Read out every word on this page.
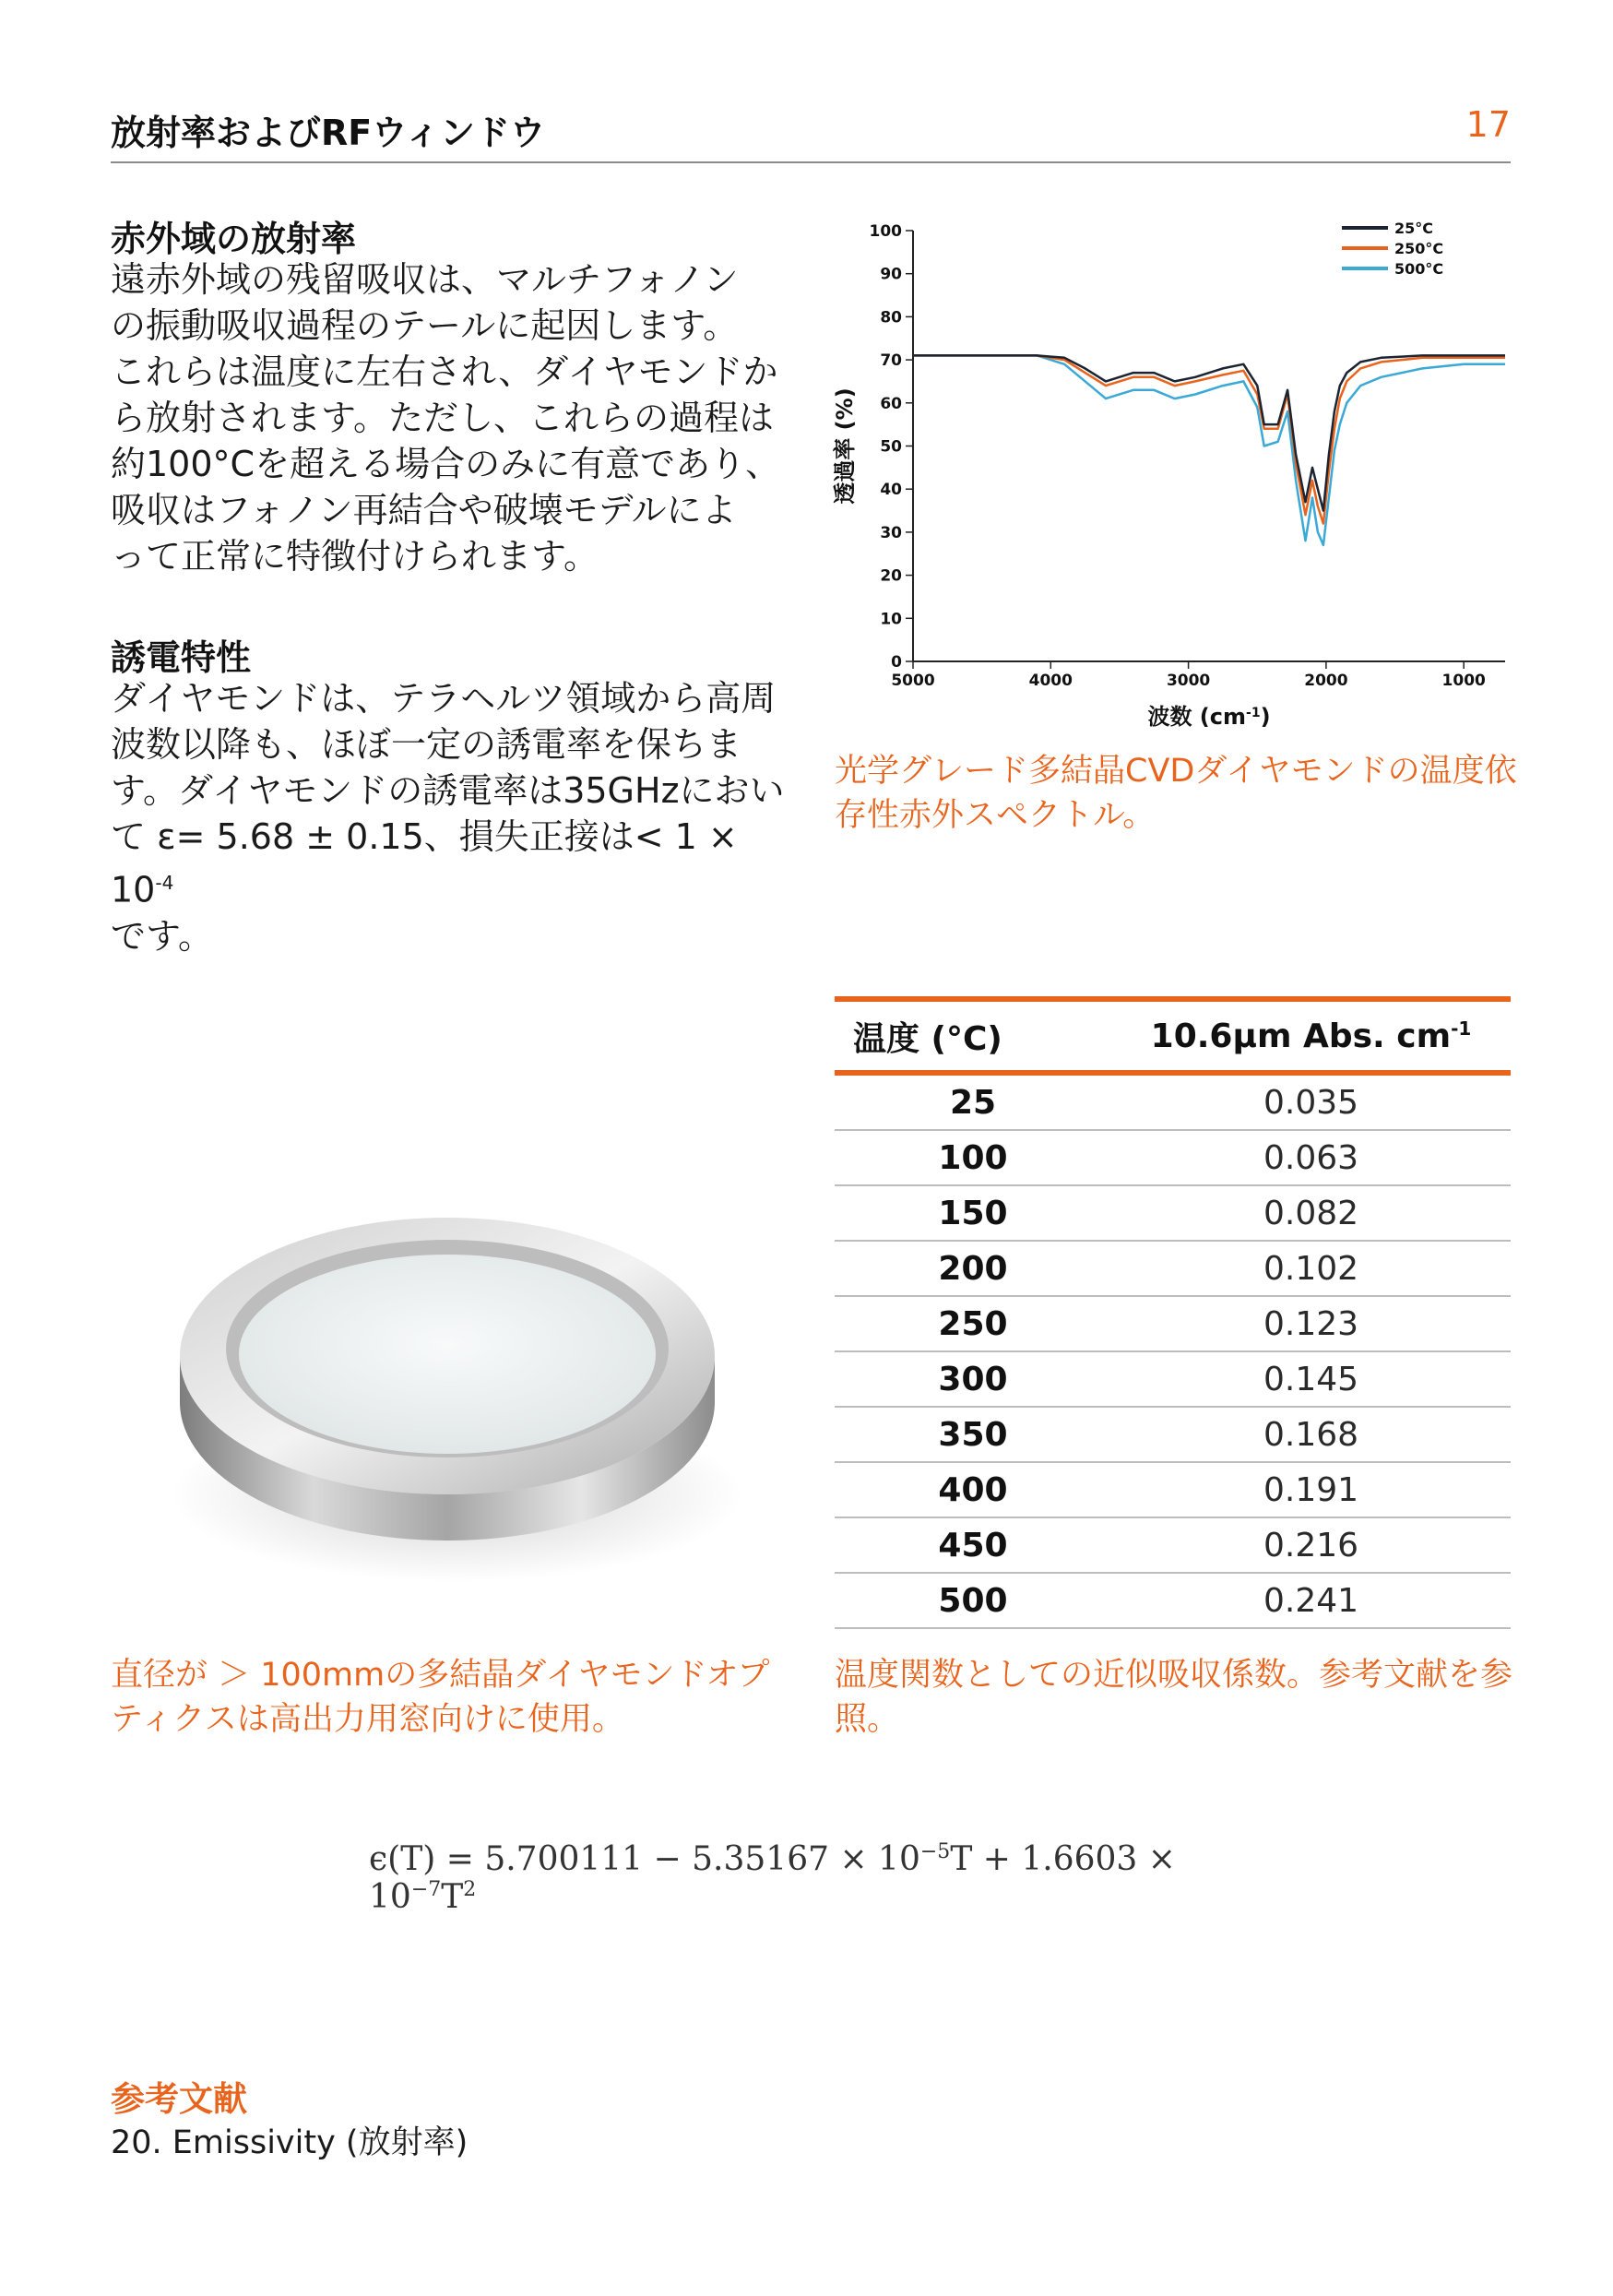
放射率およびRFウィンドウ	17
赤外域の放射率
遠赤外域の残留吸収は、マルチフォノン
の振動吸収過程のテールに起因します。
これらは温度に左右され、ダイヤモンドか
ら放射されます。ただし、これらの過程は
約100°Cを超える場合のみに有意であり、
吸収はフォノン再結合や破壊モデルによ
って正常に特徴付けられます。
誘電特性
ダイヤモンドは、テラヘルツ領域から高周
波数以降も、ほぼ一定の誘電率を保ちま
す。ダイヤモンドの誘電率は35GHzにおい
て ε= 5.68 ± 0.15、損失正接は< $1 \times 10^{-4}$
です。
0
10
20
30
40
50
60
70
80
90
100
5000	4000	3000	2000	1000
波数 $(cm^{-1})$
透過率 (%)
25°C
250°C
500°C
光学グレード多結晶CVDダイヤモンドの温度依存性赤外スペクトル。
直径が ＞ 100mmの多結晶ダイヤモンドオプティクスは高出力用窓向けに使用。
温度 (°C)	10.6μm Abs. $cm^{-1}$
25	0.035
100	0.063
150	0.082
200	0.102
250	0.123
300	0.145
350	0.168
400	0.191
450	0.216
500	0.241
温度関数としての近似吸収係数。参考文献を参照。
$\epsilon(T) = 5.700111 - 5.35167 \times 10^{-5}T + 1.6603 \times 10^{-7}T^2$
参考文献
20. Emissivity (放射率)
